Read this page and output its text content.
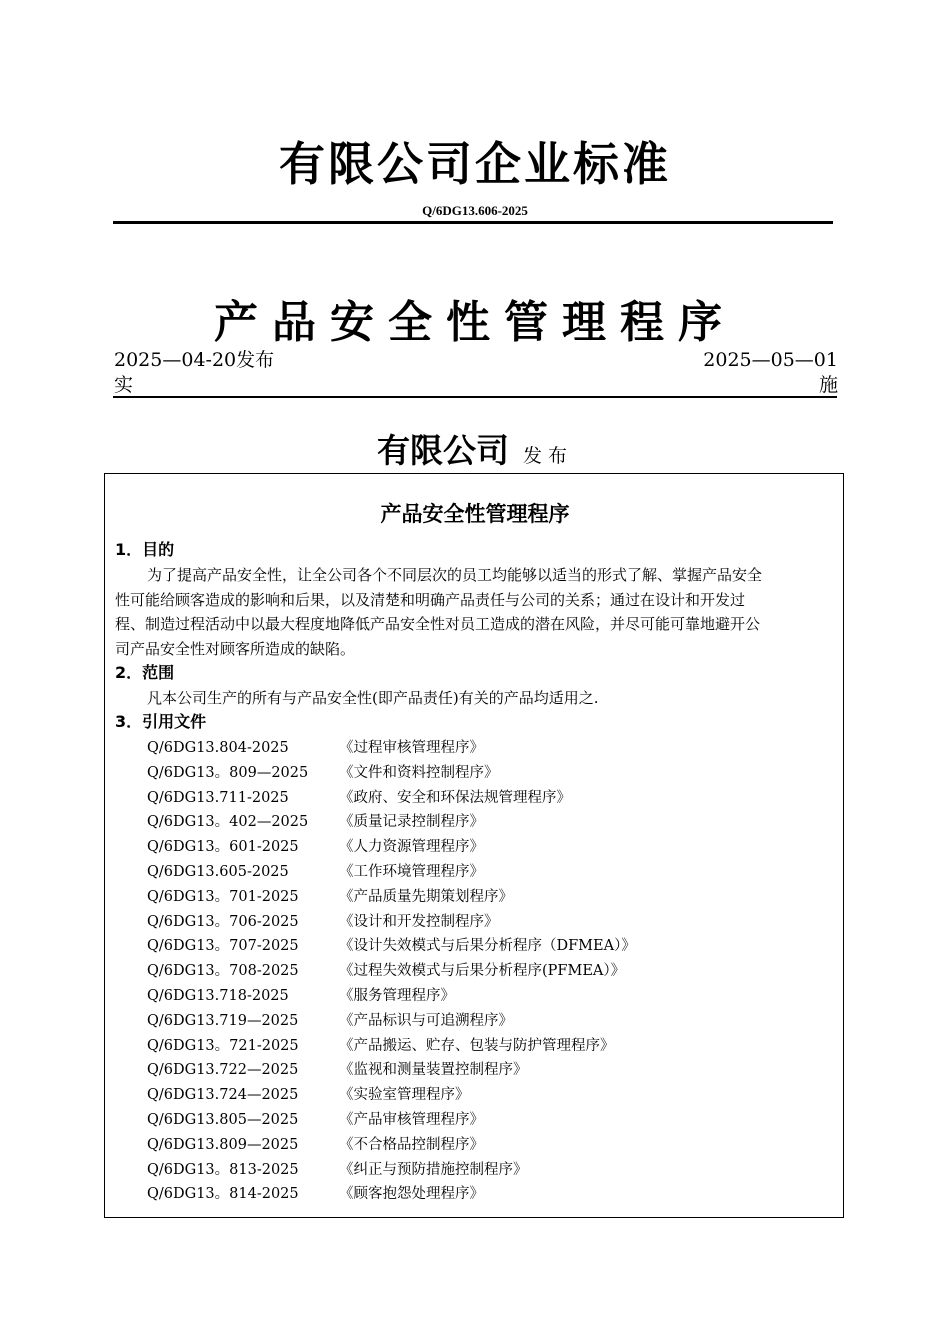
有限公司企业标准
Q/6DG13.606-2025
产品安全性管理程序
2025—04-20发布	2025—05—01
实	施
有限公司 发布
产品安全性管理程序
1．目的
为了提高产品安全性，让全公司各个不同层次的员工均能够以适当的形式了解、掌握产品安全
性可能给顾客造成的影响和后果，以及清楚和明确产品责任与公司的关系；通过在设计和开发过
程、制造过程活动中以最大程度地降低产品安全性对员工造成的潜在风险，并尽可能可靠地避开公
司产品安全性对顾客所造成的缺陷。
2．范围
凡本公司生产的所有与产品安全性(即产品责任)有关的产品均适用之.
3．引用文件
Q/6DG13.804-2025	《过程审核管理程序》
Q/6DG13。809—2025 《文件和资料控制程序》
Q/6DG13.711-2025	《政府、安全和环保法规管理程序》
Q/6DG13。402—2025 《质量记录控制程序》
Q/6DG13。601-2025	《人力资源管理程序》
Q/6DG13.605-2025	《工作环境管理程序》
Q/6DG13。701-2025	《产品质量先期策划程序》
Q/6DG13。706-2025	《设计和开发控制程序》
Q/6DG13。707-2025	《设计失效模式与后果分析程序（DFMEA）》
Q/6DG13。708-2025	《过程失效模式与后果分析程序(PFMEA）》
Q/6DG13.718-2025	《服务管理程序》
Q/6DG13.719—2025	《产品标识与可追溯程序》
Q/6DG13。721-2025	《产品搬运、贮存、包装与防护管理程序》
Q/6DG13.722—2025	《监视和测量装置控制程序》
Q/6DG13.724—2025	《实验室管理程序》
Q/6DG13.805—2025	《产品审核管理程序》
Q/6DG13.809—2025	《不合格品控制程序》
Q/6DG13。813-2025	《纠正与预防措施控制程序》
Q/6DG13。814-2025	《顾客抱怨处理程序》
